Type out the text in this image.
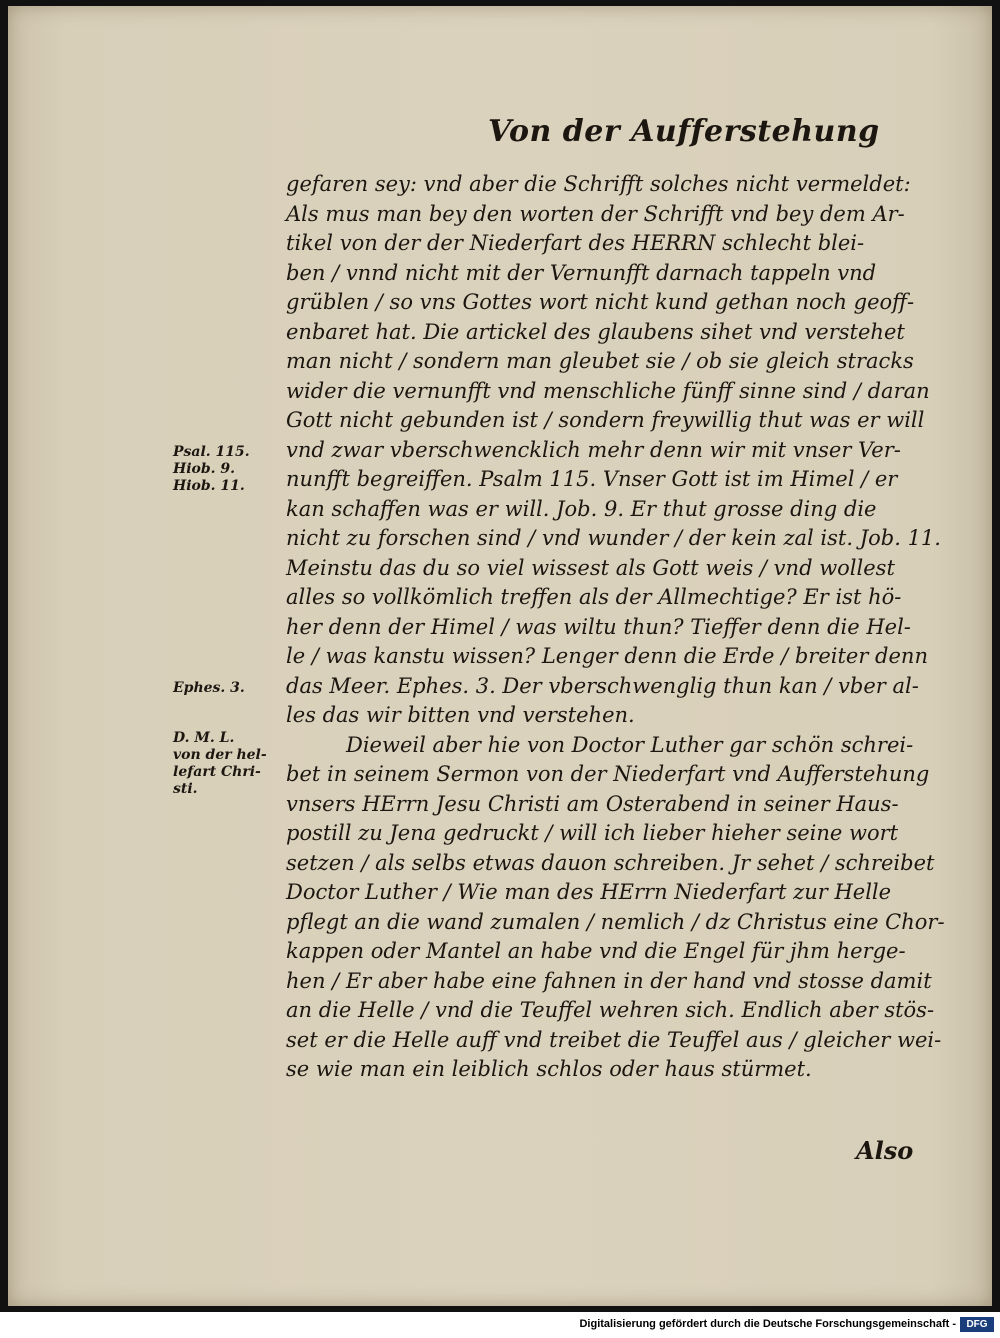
Von der Aufferstehung
gefaren sey: vnd aber die Schrifft solches nicht vermeldet:
Als mus man bey den worten der Schrifft vnd bey dem Ar-
tikel von der der Niederfart des HERRN schlecht blei-
ben / vnnd nicht mit der Vernunfft darnach tappeln vnd
grüblen / so vns Gottes wort nicht kund gethan noch geoff-
enbaret hat. Die artickel des glaubens sihet vnd verstehet
man nicht / sondern man gleubet sie / ob sie gleich stracks
wider die vernunfft vnd menschliche fünff sinne sind / daran
Gott nicht gebunden ist / sondern freywillig thut was er will
vnd zwar vberschwencklich mehr denn wir mit vnser Ver-
nunfft begreiffen. Psalm 115. Vnser Gott ist im Himel / er
kan schaffen was er will. Job. 9. Er thut grosse ding die
nicht zu forschen sind / vnd wunder / der kein zal ist. Job. 11.
Meinstu das du so viel wissest als Gott weis / vnd wollest
alles so vollkömlich treffen als der Allmechtige? Er ist hö-
her denn der Himel / was wiltu thun? Tieffer denn die Hel-
le / was kanstu wissen? Lenger denn die Erde / breiter denn
das Meer. Ephes. 3. Der vberschwenglig thun kan / vber al-
les das wir bitten vnd verstehen.
Dieweil aber hie von Doctor Luther gar schön schrei-
bet in seinem Sermon von der Niederfart vnd Aufferstehung
vnsers HErrn Jesu Christi am Osterabend in seiner Haus-
postill zu Jena gedruckt / will ich lieber hieher seine wort
setzen / als selbs etwas dauon schreiben. Jr sehet / schreibet
Doctor Luther / Wie man des HErrn Niederfart zur Helle
pflegt an die wand zumalen / nemlich / dz Christus eine Chor-
kappen oder Mantel an habe vnd die Engel für jhm herge-
hen / Er aber habe eine fahnen in der hand vnd stosse damit
an die Helle / vnd die Teuffel wehren sich. Endlich aber stös-
set er die Helle auff vnd treibet die Teuffel aus / gleicher wei-
se wie man ein leiblich schlos oder haus stürmet.
Psal. 115.
Hiob. 9.
Hiob. 11.
Ephes. 3.
D. M. L.
von der hel-
lefart Chri-
sti.
Also
Digitalisierung gefördert durch die Deutsche Forschungsgemeinschaft -	DFG
